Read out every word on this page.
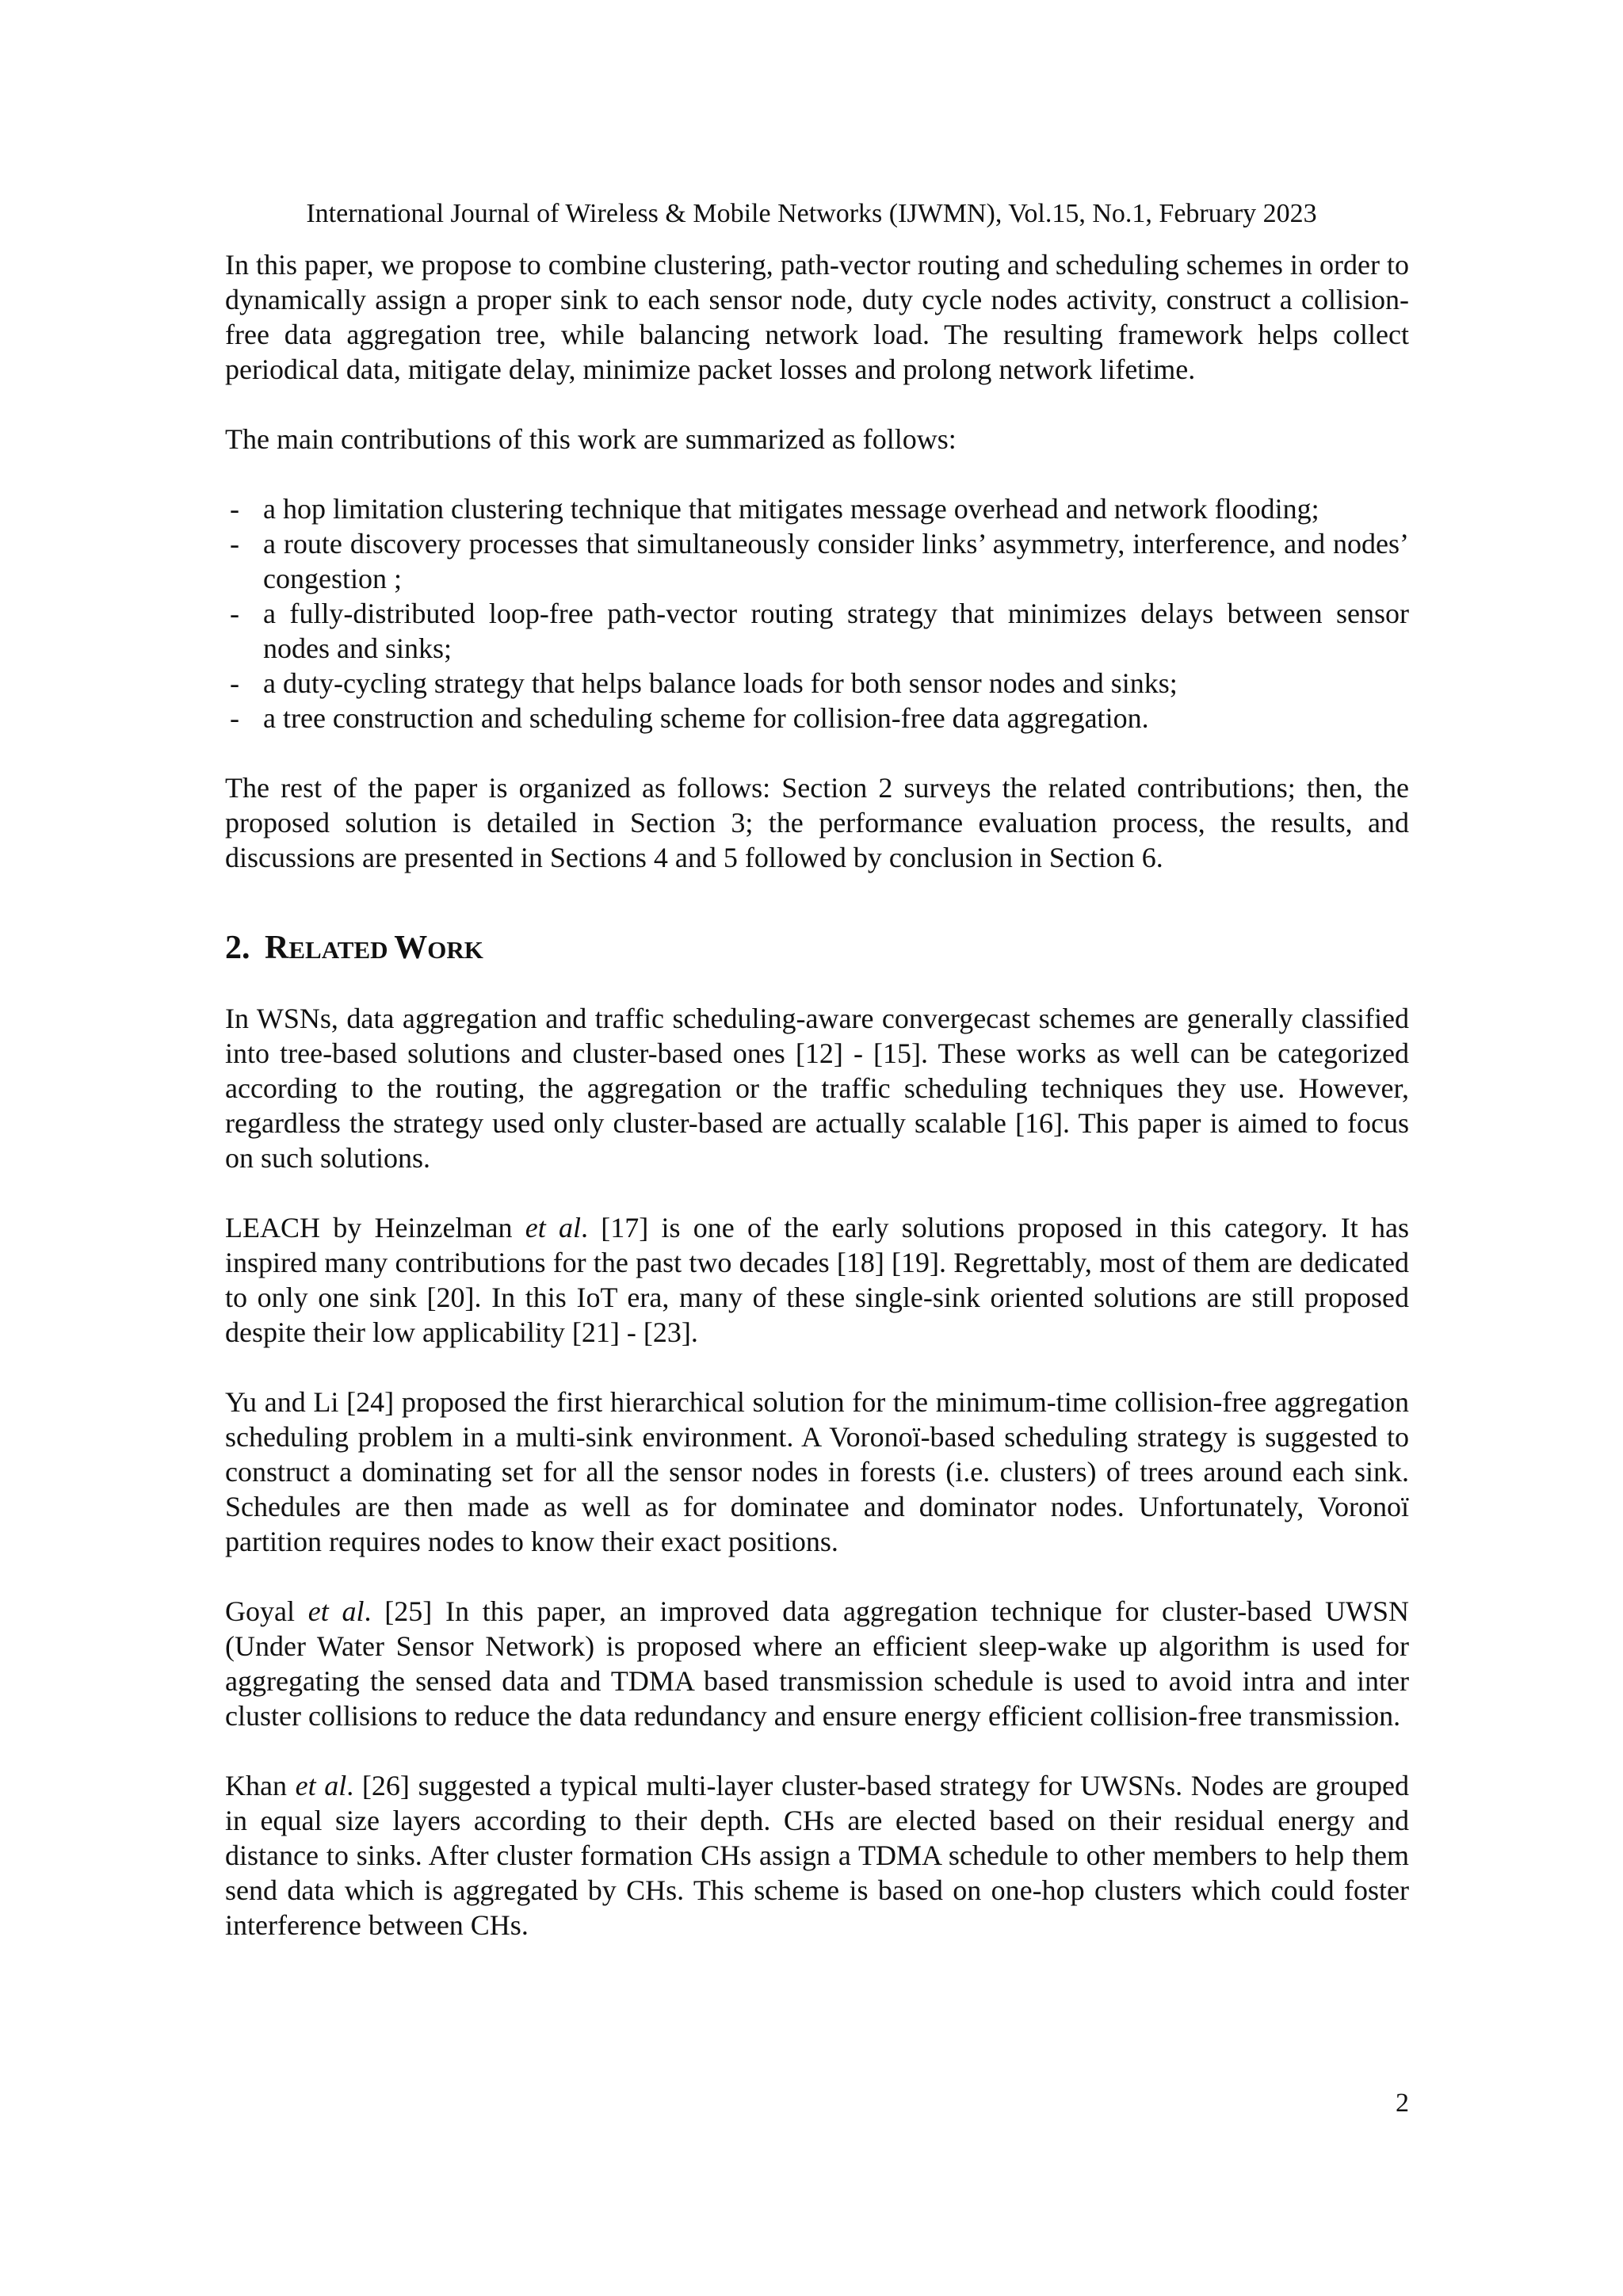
International Journal of Wireless & Mobile Networks (IJWMN), Vol.15, No.1, February 2023

In this paper, we propose to combine clustering, path-vector routing and scheduling schemes in order to dynamically assign a proper sink to each sensor node, duty cycle nodes activity, construct a collision-free data aggregation tree, while balancing network load. The resulting framework helps collect periodical data, mitigate delay, minimize packet losses and prolong network lifetime.

The main contributions of this work are summarized as follows:

- a hop limitation clustering technique that mitigates message overhead and network flooding;
- a route discovery processes that simultaneously consider links’ asymmetry, interference, and nodes’ congestion ;
- a fully-distributed loop-free path-vector routing strategy that minimizes delays between sensor nodes and sinks;
- a duty-cycling strategy that helps balance loads for both sensor nodes and sinks;
- a tree construction and scheduling scheme for collision-free data aggregation.

The rest of the paper is organized as follows: Section 2 surveys the related contributions; then, the proposed solution is detailed in Section 3; the performance evaluation process, the results, and discussions are presented in Sections 4 and 5 followed by conclusion in Section 6.

2. RELATED WORK

In WSNs, data aggregation and traffic scheduling-aware convergecast schemes are generally classified into tree-based solutions and cluster-based ones [12] - [15]. These works as well can be categorized according to the routing, the aggregation or the traffic scheduling techniques they use. However, regardless the strategy used only cluster-based are actually scalable [16]. This paper is aimed to focus on such solutions.

LEACH by Heinzelman et al. [17] is one of the early solutions proposed in this category. It has inspired many contributions for the past two decades [18] [19]. Regrettably, most of them are dedicated to only one sink [20]. In this IoT era, many of these single-sink oriented solutions are still proposed despite their low applicability [21] - [23].

Yu and Li [24] proposed the first hierarchical solution for the minimum-time collision-free aggregation scheduling problem in a multi-sink environment. A Voronoï-based scheduling strategy is suggested to construct a dominating set for all the sensor nodes in forests (i.e. clusters) of trees around each sink. Schedules are then made as well as for dominatee and dominator nodes. Unfortunately, Voronoï partition requires nodes to know their exact positions.

Goyal et al. [25] In this paper, an improved data aggregation technique for cluster-based UWSN (Under Water Sensor Network) is proposed where an efficient sleep-wake up algorithm is used for aggregating the sensed data and TDMA based transmission schedule is used to avoid intra and inter cluster collisions to reduce the data redundancy and ensure energy efficient collision-free transmission.

Khan et al. [26] suggested a typical multi-layer cluster-based strategy for UWSNs. Nodes are grouped in equal size layers according to their depth. CHs are elected based on their residual energy and distance to sinks. After cluster formation CHs assign a TDMA schedule to other members to help them send data which is aggregated by CHs. This scheme is based on one-hop clusters which could foster interference between CHs.

2
